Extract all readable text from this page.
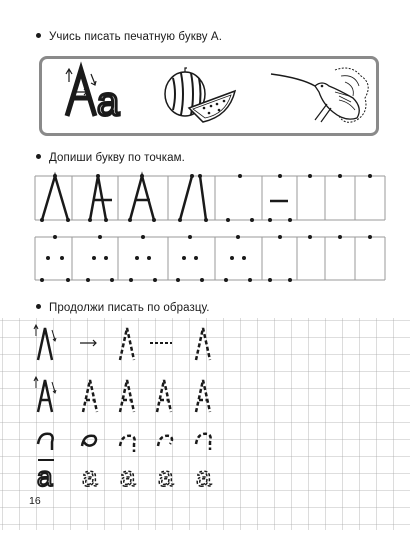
Учись писать печатную букву А.
a
Допиши букву по точкам.
Продолжи писать по образцу.
a a a a a
16
